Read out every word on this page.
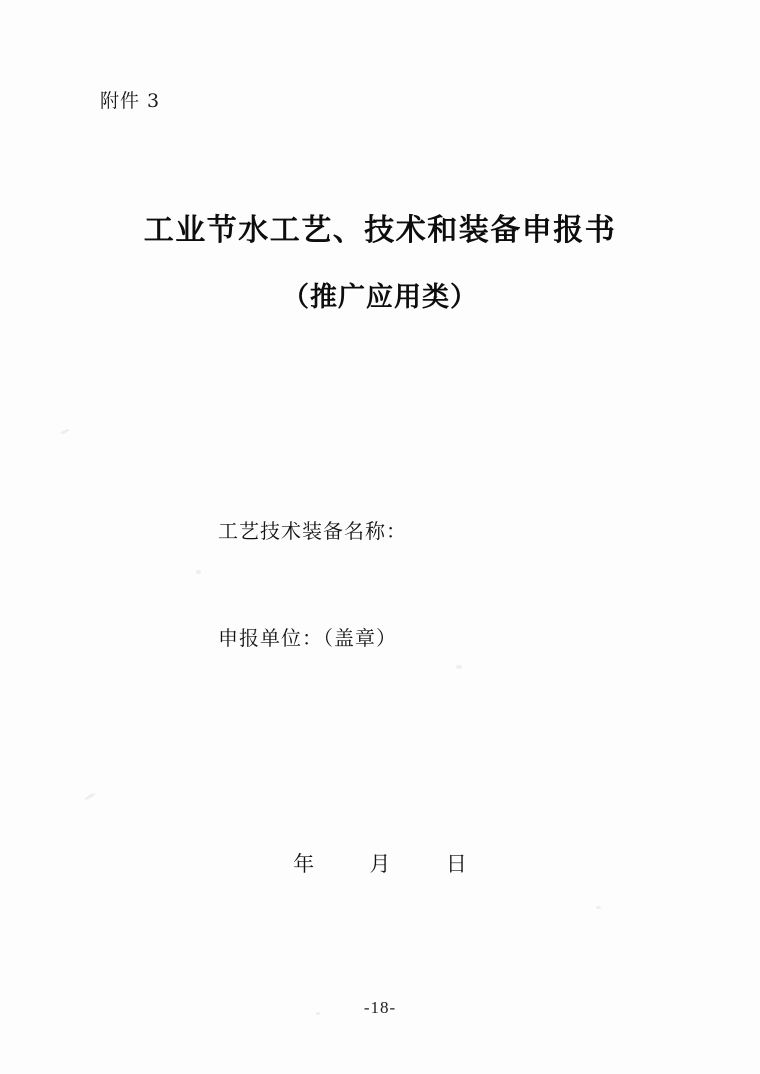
附件 3
工业节水工艺、技术和装备申报书
（推广应用类）
工艺技术装备名称：
申报单位：（盖章）
年	月	日
-18-
